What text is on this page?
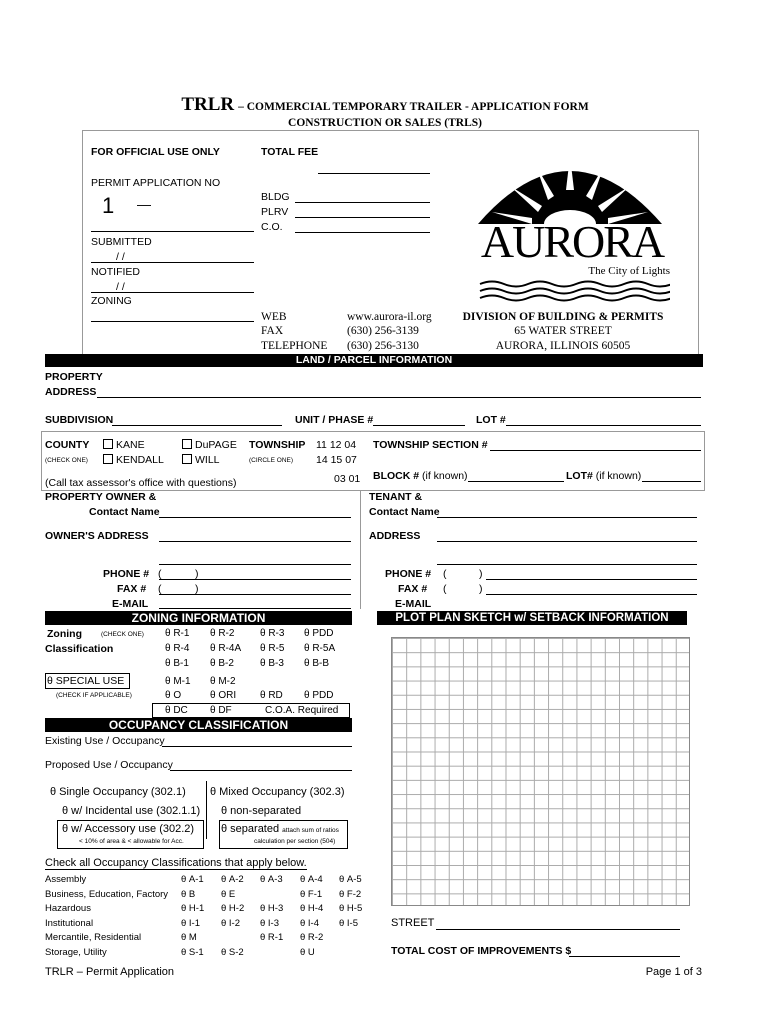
TRLR – COMMERCIAL TEMPORARY TRAILER - APPLICATION FORM
CONSTRUCTION OR SALES (TRLS)
FOR OFFICIAL USE ONLY	TOTAL FEE
PERMIT APPLICATION NO
1 —	BLDG
PLRV
C.O.
SUBMITTED
/ /
NOTIFIED
/ /
ZONING
WEB	www.aurora-il.org
FAX	(630) 256-3139
TELEPHONE (630) 256-3130
DIVISION OF BUILDING & PERMITS
65 WATER STREET
AURORA, ILLINOIS 60505
AURORA
The City of Lights
LAND / PARCEL INFORMATION
PROPERTY
ADDRESS
SUBDIVISION	UNIT / PHASE #	LOT #
COUNTY
(CHECK ONE)
KANE
KENDALL
DuPAGE
WILL
TOWNSHIP
(CIRCLE ONE)
11 12 04
14 15 07
03 01
TOWNSHIP SECTION #
BLOCK # (if known)	LOT# (if known)
(Call tax assessor's office with questions)
PROPERTY OWNER &
Contact Name
OWNER'S ADDRESS
PHONE # (	)
FAX # (	)
E-MAIL
TENANT &
Contact Name
ADDRESS
PHONE # (	)
FAX # (	)
E-MAIL
ZONING INFORMATION
Zoning	(CHECK ONE)
Classification
θ SPECIAL USE
(CHECK IF APPLICABLE)
θ R-1 θ R-2	θ R-3 θ PDD
θ R-4 θ R-4A θ R-5 θ R-5A
θ B-1 θ B-2	θ B-3 θ B-B
θ M-1 θ M-2
θ O	θ ORI θ RD θ PDD
θ DC θ DF	C.O.A. Required
OCCUPANCY CLASSIFICATION
Existing Use / Occupancy
Proposed Use / Occupancy
θ Single Occupancy (302.1)
θ w/ Incidental use (302.1.1)
θ w/ Accessory use (302.2)
< 10% of area & < allowable for Acc.
θ Mixed Occupancy (302.3)
θ non-separated
θ separated attach sum of ratios
calculation per section (504)
Check all Occupancy Classifications that apply below.
Assembly	θ A-1 θ A-2 θ A-3 θ A-4 θ A-5
Business, Education, Factory θ B	θ E	θ F-1 θ F-2
Hazardous	θ H-1 θ H-2 θ H-3 θ H-4 θ H-5
Institutional	θ I-1 θ I-2 θ I-3 θ I-4 θ I-5
Mercantile, Residential	θ M	θ R-1 θ R-2
Storage, Utility	θ S-1 θ S-2	θ U
PLOT PLAN SKETCH w/ SETBACK INFORMATION
STREET
TOTAL COST OF IMPROVEMENTS $
TRLR – Permit Application	Page 1 of 3
